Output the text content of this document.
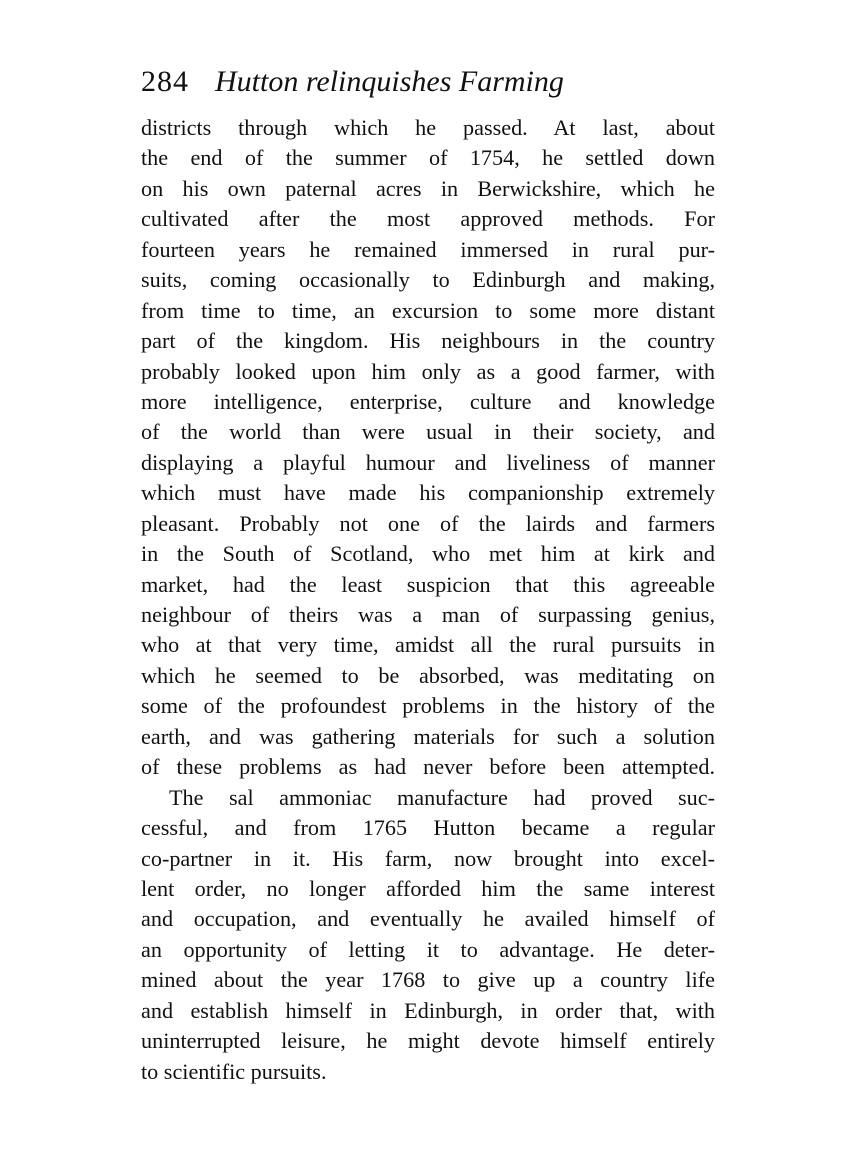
284 Hutton relinquishes Farming
districts through which he passed. At last, about
the end of the summer of 1754, he settled down
on his own paternal acres in Berwickshire, which he
cultivated after the most approved methods. For
fourteen years he remained immersed in rural pur-
suits, coming occasionally to Edinburgh and making,
from time to time, an excursion to some more distant
part of the kingdom. His neighbours in the country
probably looked upon him only as a good farmer, with
more intelligence, enterprise, culture and knowledge
of the world than were usual in their society, and
displaying a playful humour and liveliness of manner
which must have made his companionship extremely
pleasant. Probably not one of the lairds and farmers
in the South of Scotland, who met him at kirk and
market, had the least suspicion that this agreeable
neighbour of theirs was a man of surpassing genius,
who at that very time, amidst all the rural pursuits in
which he seemed to be absorbed, was meditating on
some of the profoundest problems in the history of the
earth, and was gathering materials for such a solution
of these problems as had never before been attempted.
The sal ammoniac manufacture had proved suc-
cessful, and from 1765 Hutton became a regular
co-partner in it. His farm, now brought into excel-
lent order, no longer afforded him the same interest
and occupation, and eventually he availed himself of
an opportunity of letting it to advantage. He deter-
mined about the year 1768 to give up a country life
and establish himself in Edinburgh, in order that, with
uninterrupted leisure, he might devote himself entirely
to scientific pursuits.
